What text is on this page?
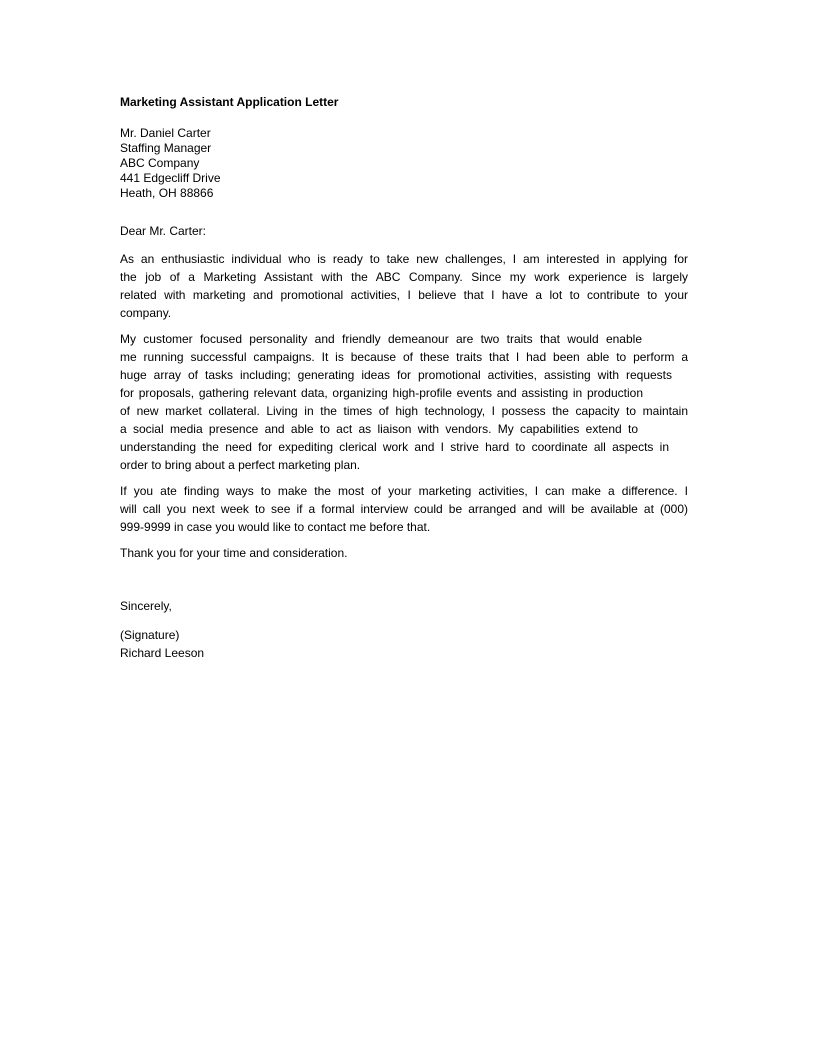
Marketing Assistant Application Letter
Mr. Daniel Carter
Staffing Manager
ABC Company
441 Edgecliff Drive
Heath, OH 88866
Dear Mr. Carter:
As an enthusiastic individual who is ready to take new challenges, I am interested in applying for
the job of a Marketing Assistant with the ABC Company. Since my work experience is largely
related with marketing and promotional activities, I believe that I have a lot to contribute to your
company.
My customer focused personality and friendly demeanour are two traits that would enable
me running successful campaigns. It is because of these traits that I had been able to perform a
huge array of tasks including; generating ideas for promotional activities, assisting with requests
for proposals, gathering relevant data, organizing high-profile events and assisting in production
of new market collateral. Living in the times of high technology, I possess the capacity to maintain
a social media presence and able to act as liaison with vendors. My capabilities extend to
understanding the need for expediting clerical work and I strive hard to coordinate all aspects in
order to bring about a perfect marketing plan.
If you ate finding ways to make the most of your marketing activities, I can make a difference. I
will call you next week to see if a formal interview could be arranged and will be available at (000)
999-9999 in case you would like to contact me before that.
Thank you for your time and consideration.
Sincerely,
(Signature)
Richard Leeson
